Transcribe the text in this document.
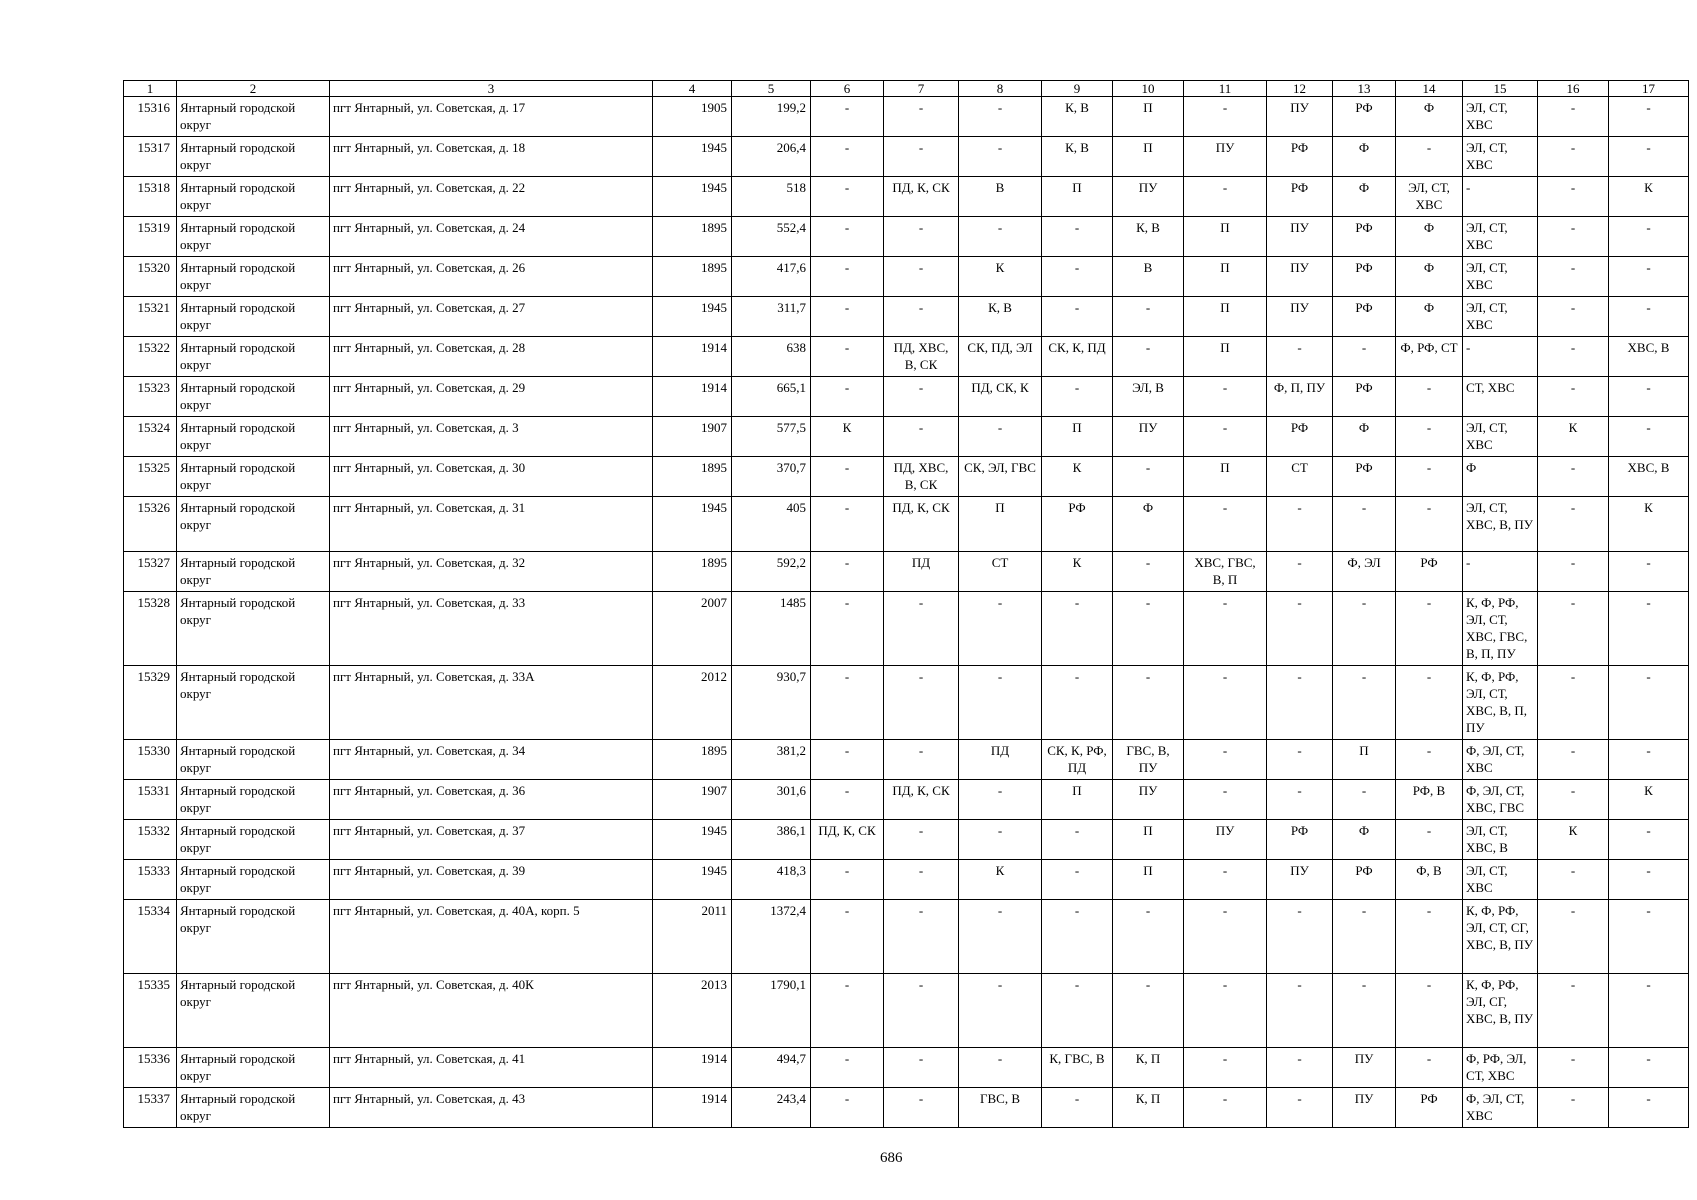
1	2	3	4	5	6	7	8	9	10	11	12	13	14	15	16	17
15316	Янтарный городской округ	пгт Янтарный, ул. Советская, д. 17	1905	199,2	-	-	-	К, В	П	-	ПУ	РФ	Ф	ЭЛ, СТ, ХВС	-	-
15317	Янтарный городской округ	пгт Янтарный, ул. Советская, д. 18	1945	206,4	-	-	-	К, В	П	ПУ	РФ	Ф	-	ЭЛ, СТ, ХВС	-	-
15318	Янтарный городской округ	пгт Янтарный, ул. Советская, д. 22	1945	518	-	ПД, К, СК	В	П	ПУ	-	РФ	Ф	ЭЛ, СТ, ХВС	-	-	К
15319	Янтарный городской округ	пгт Янтарный, ул. Советская, д. 24	1895	552,4	-	-	-	-	К, В	П	ПУ	РФ	Ф	ЭЛ, СТ, ХВС	-	-
15320	Янтарный городской округ	пгт Янтарный, ул. Советская, д. 26	1895	417,6	-	-	К	-	В	П	ПУ	РФ	Ф	ЭЛ, СТ, ХВС	-	-
15321	Янтарный городской округ	пгт Янтарный, ул. Советская, д. 27	1945	311,7	-	-	К, В	-	-	П	ПУ	РФ	Ф	ЭЛ, СТ, ХВС	-	-
15322	Янтарный городской округ	пгт Янтарный, ул. Советская, д. 28	1914	638	-	ПД, ХВС, В, СК	СК, ПД, ЭЛ	СК, К, ПД	-	П	-	-	Ф, РФ, СТ	-	-	ХВС, В
15323	Янтарный городской округ	пгт Янтарный, ул. Советская, д. 29	1914	665,1	-	-	ПД, СК, К	-	ЭЛ, В	-	Ф, П, ПУ	РФ	-	СТ, ХВС	-	-
15324	Янтарный городской округ	пгт Янтарный, ул. Советская, д. 3	1907	577,5	К	-	-	П	ПУ	-	РФ	Ф	-	ЭЛ, СТ, ХВС	К	-
15325	Янтарный городской округ	пгт Янтарный, ул. Советская, д. 30	1895	370,7	-	ПД, ХВС, В, СК	СК, ЭЛ, ГВС	К	-	П	СТ	РФ	-	Ф	-	ХВС, В
15326	Янтарный городской округ	пгт Янтарный, ул. Советская, д. 31	1945	405	-	ПД, К, СК	П	РФ	Ф	-	-	-	-	ЭЛ, СТ, ХВС, В, ПУ	-	К
15327	Янтарный городской округ	пгт Янтарный, ул. Советская, д. 32	1895	592,2	-	ПД	СТ	К	-	ХВС, ГВС, В, П	-	Ф, ЭЛ	РФ	-	-	-
15328	Янтарный городской округ	пгт Янтарный, ул. Советская, д. 33	2007	1485	-	-	-	-	-	-	-	-	-	К, Ф, РФ, ЭЛ, СТ, ХВС, ГВС, В, П, ПУ	-	-
15329	Янтарный городской округ	пгт Янтарный, ул. Советская, д. 33А	2012	930,7	-	-	-	-	-	-	-	-	-	К, Ф, РФ, ЭЛ, СТ, ХВС, В, П, ПУ	-	-
15330	Янтарный городской округ	пгт Янтарный, ул. Советская, д. 34	1895	381,2	-	-	ПД	СК, К, РФ, ПД	ГВС, В, ПУ	-	-	П	-	Ф, ЭЛ, СТ, ХВС	-	-
15331	Янтарный городской округ	пгт Янтарный, ул. Советская, д. 36	1907	301,6	-	ПД, К, СК	-	П	ПУ	-	-	-	РФ, В	Ф, ЭЛ, СТ, ХВС, ГВС	-	К
15332	Янтарный городской округ	пгт Янтарный, ул. Советская, д. 37	1945	386,1	ПД, К, СК	-	-	-	П	ПУ	РФ	Ф	-	ЭЛ, СТ, ХВС, В	К	-
15333	Янтарный городской округ	пгт Янтарный, ул. Советская, д. 39	1945	418,3	-	-	К	-	П	-	ПУ	РФ	Ф, В	ЭЛ, СТ, ХВС	-	-
15334	Янтарный городской округ	пгт Янтарный, ул. Советская, д. 40А, корп. 5	2011	1372,4	-	-	-	-	-	-	-	-	-	К, Ф, РФ, ЭЛ, СТ, СГ, ХВС, В, ПУ	-	-
15335	Янтарный городской округ	пгт Янтарный, ул. Советская, д. 40К	2013	1790,1	-	-	-	-	-	-	-	-	-	К, Ф, РФ, ЭЛ, СГ, ХВС, В, ПУ	-	-
15336	Янтарный городской округ	пгт Янтарный, ул. Советская, д. 41	1914	494,7	-	-	-	К, ГВС, В	К, П	-	-	ПУ	-	Ф, РФ, ЭЛ, СТ, ХВС	-	-
15337	Янтарный городской округ	пгт Янтарный, ул. Советская, д. 43	1914	243,4	-	-	ГВС, В	-	К, П	-	-	ПУ	РФ	Ф, ЭЛ, СТ, ХВС	-	-
686
